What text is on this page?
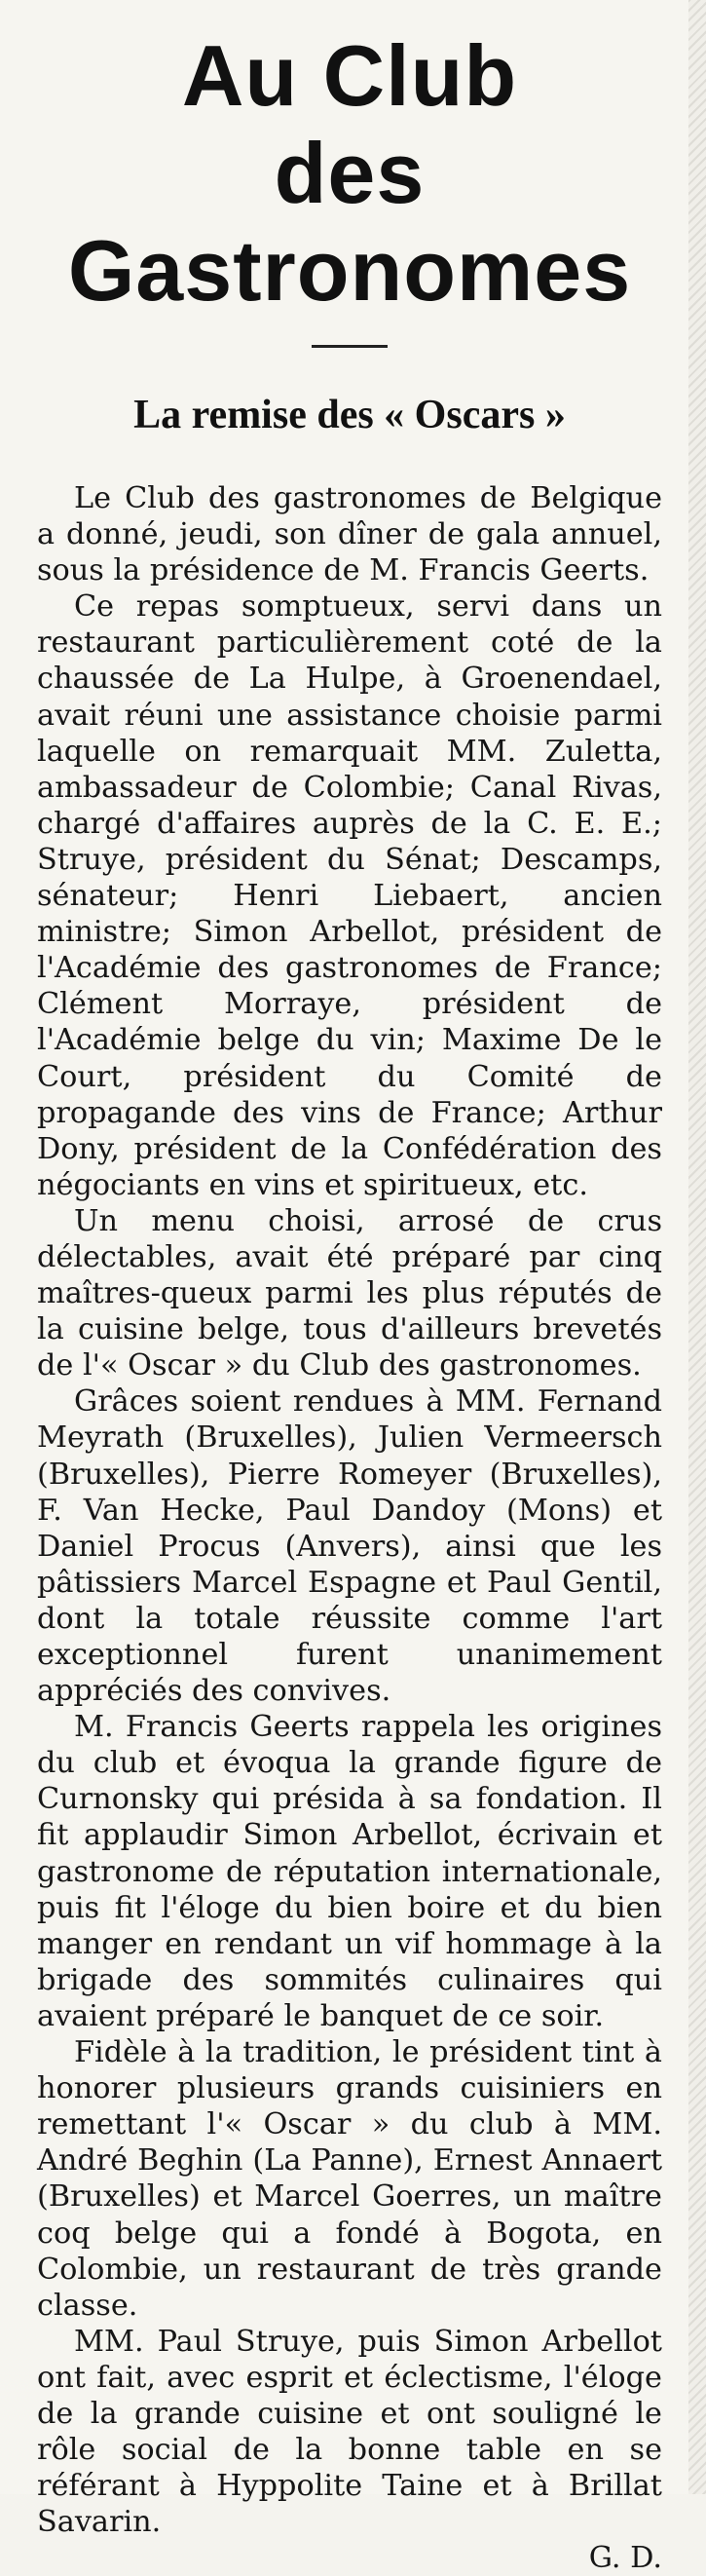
Au Club
des Gastronomes
La remise des « Oscars »

Le Club des gastronomes de Belgique a donné, jeudi, son dîner de gala annuel, sous la présidence de M. Francis Geerts.

Ce repas somptueux, servi dans un restaurant particulièrement coté de la chaussée de La Hulpe, à Groenendael, avait réuni une assistance choisie parmi laquelle on remarquait MM. Zuletta, ambassadeur de Colombie; Canal Rivas, chargé d'affaires auprès de la C. E. E.; Struye, président du Sénat; Descamps, sénateur; Henri Liebaert, ancien ministre; Simon Arbellot, président de l'Académie des gastronomes de France; Clément Morraye, président de l'Académie belge du vin; Maxime De le Court, président du Comité de propagande des vins de France; Arthur Dony, président de la Confédération des négociants en vins et spiritueux, etc.

Un menu choisi, arrosé de crus délectables, avait été préparé par cinq maîtres-queux parmi les plus réputés de la cuisine belge, tous d'ailleurs brevetés de l'« Oscar » du Club des gastronomes.

Grâces soient rendues à MM. Fernand Meyrath (Bruxelles), Julien Vermeersch (Bruxelles), Pierre Romeyer (Bruxelles), F. Van Hecke, Paul Dandoy (Mons) et Daniel Procus (Anvers), ainsi que les pâtissiers Marcel Espagne et Paul Gentil, dont la totale réussite comme l'art exceptionnel furent unanimement appréciés des convives.

M. Francis Geerts rappela les origines du club et évoqua la grande figure de Curnonsky qui présida à sa fondation. Il fit applaudir Simon Arbellot, écrivain et gastronome de réputation internationale, puis fit l'éloge du bien boire et du bien manger en rendant un vif hommage à la brigade des sommités culinaires qui avaient préparé le banquet de ce soir.

Fidèle à la tradition, le président tint à honorer plusieurs grands cuisiniers en remettant l'« Oscar » du club à MM. André Beghin (La Panne), Ernest Annaert (Bruxelles) et Marcel Goerres, un maître coq belge qui a fondé à Bogota, en Colombie, un restaurant de très grande classe.

MM. Paul Struye, puis Simon Arbellot ont fait, avec esprit et éclectisme, l'éloge de la grande cuisine et ont souligné le rôle social de la bonne table en se référant à Hyppolite Taine et à Brillat Savarin.

G. D.
